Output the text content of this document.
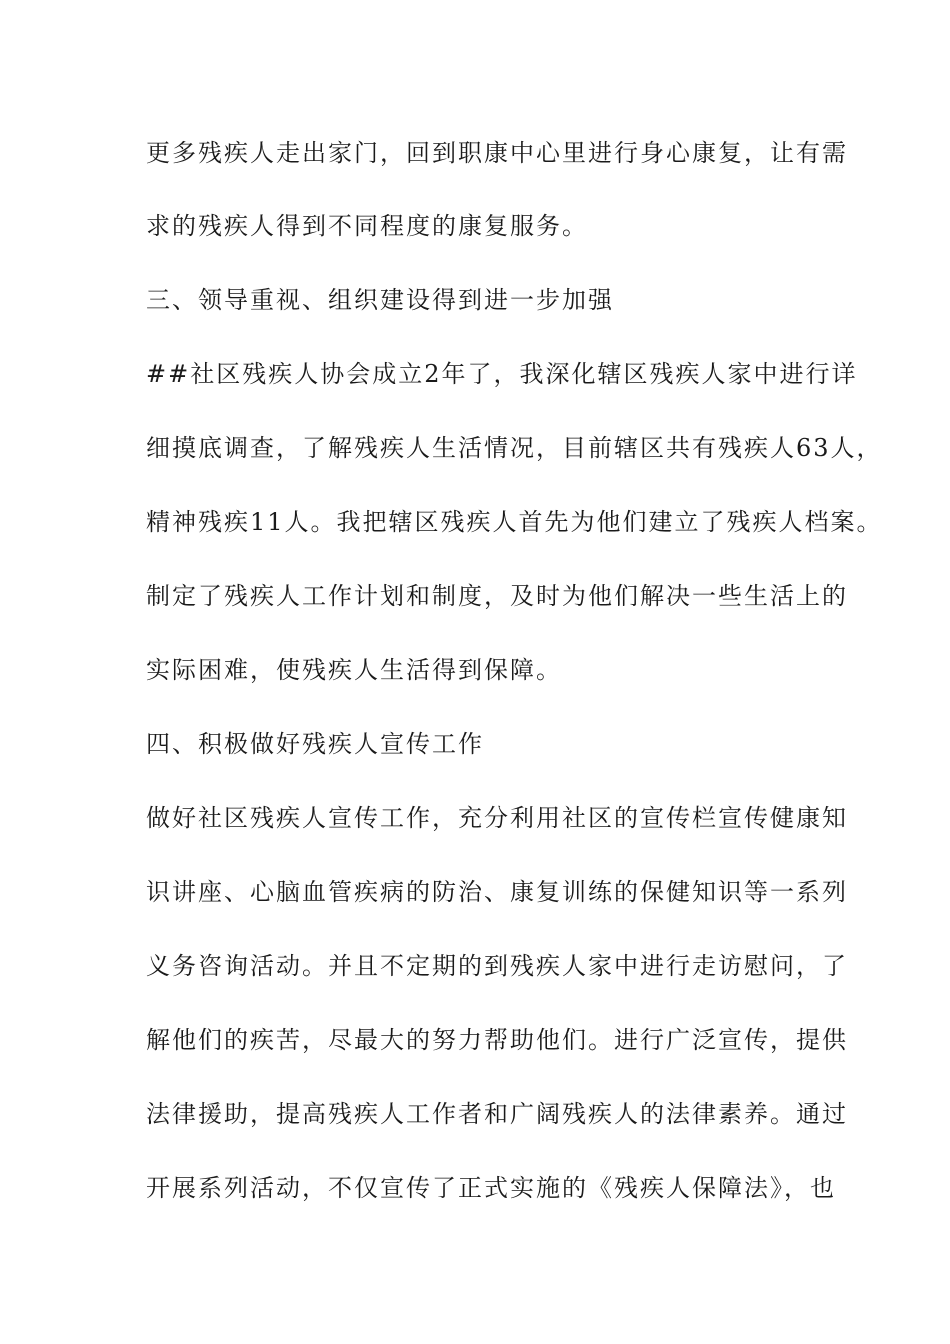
更多残疾人走出家门，回到职康中心里进行身心康复，让有需
求的残疾人得到不同程度的康复服务。
三、领导重视、组织建设得到进一步加强
##社区残疾人协会成立2年了，我深化辖区残疾人家中进行详
细摸底调查，了解残疾人生活情况，目前辖区共有残疾人63人，
精神残疾11人。我把辖区残疾人首先为他们建立了残疾人档案。
制定了残疾人工作计划和制度，及时为他们解决一些生活上的
实际困难，使残疾人生活得到保障。
四、积极做好残疾人宣传工作
做好社区残疾人宣传工作，充分利用社区的宣传栏宣传健康知
识讲座、心脑血管疾病的防治、康复训练的保健知识等一系列
义务咨询活动。并且不定期的到残疾人家中进行走访慰问，了
解他们的疾苦，尽最大的努力帮助他们。进行广泛宣传，提供
法律援助，提高残疾人工作者和广阔残疾人的法律素养。通过
开展系列活动，不仅宣传了正式实施的《残疾人保障法》，也
